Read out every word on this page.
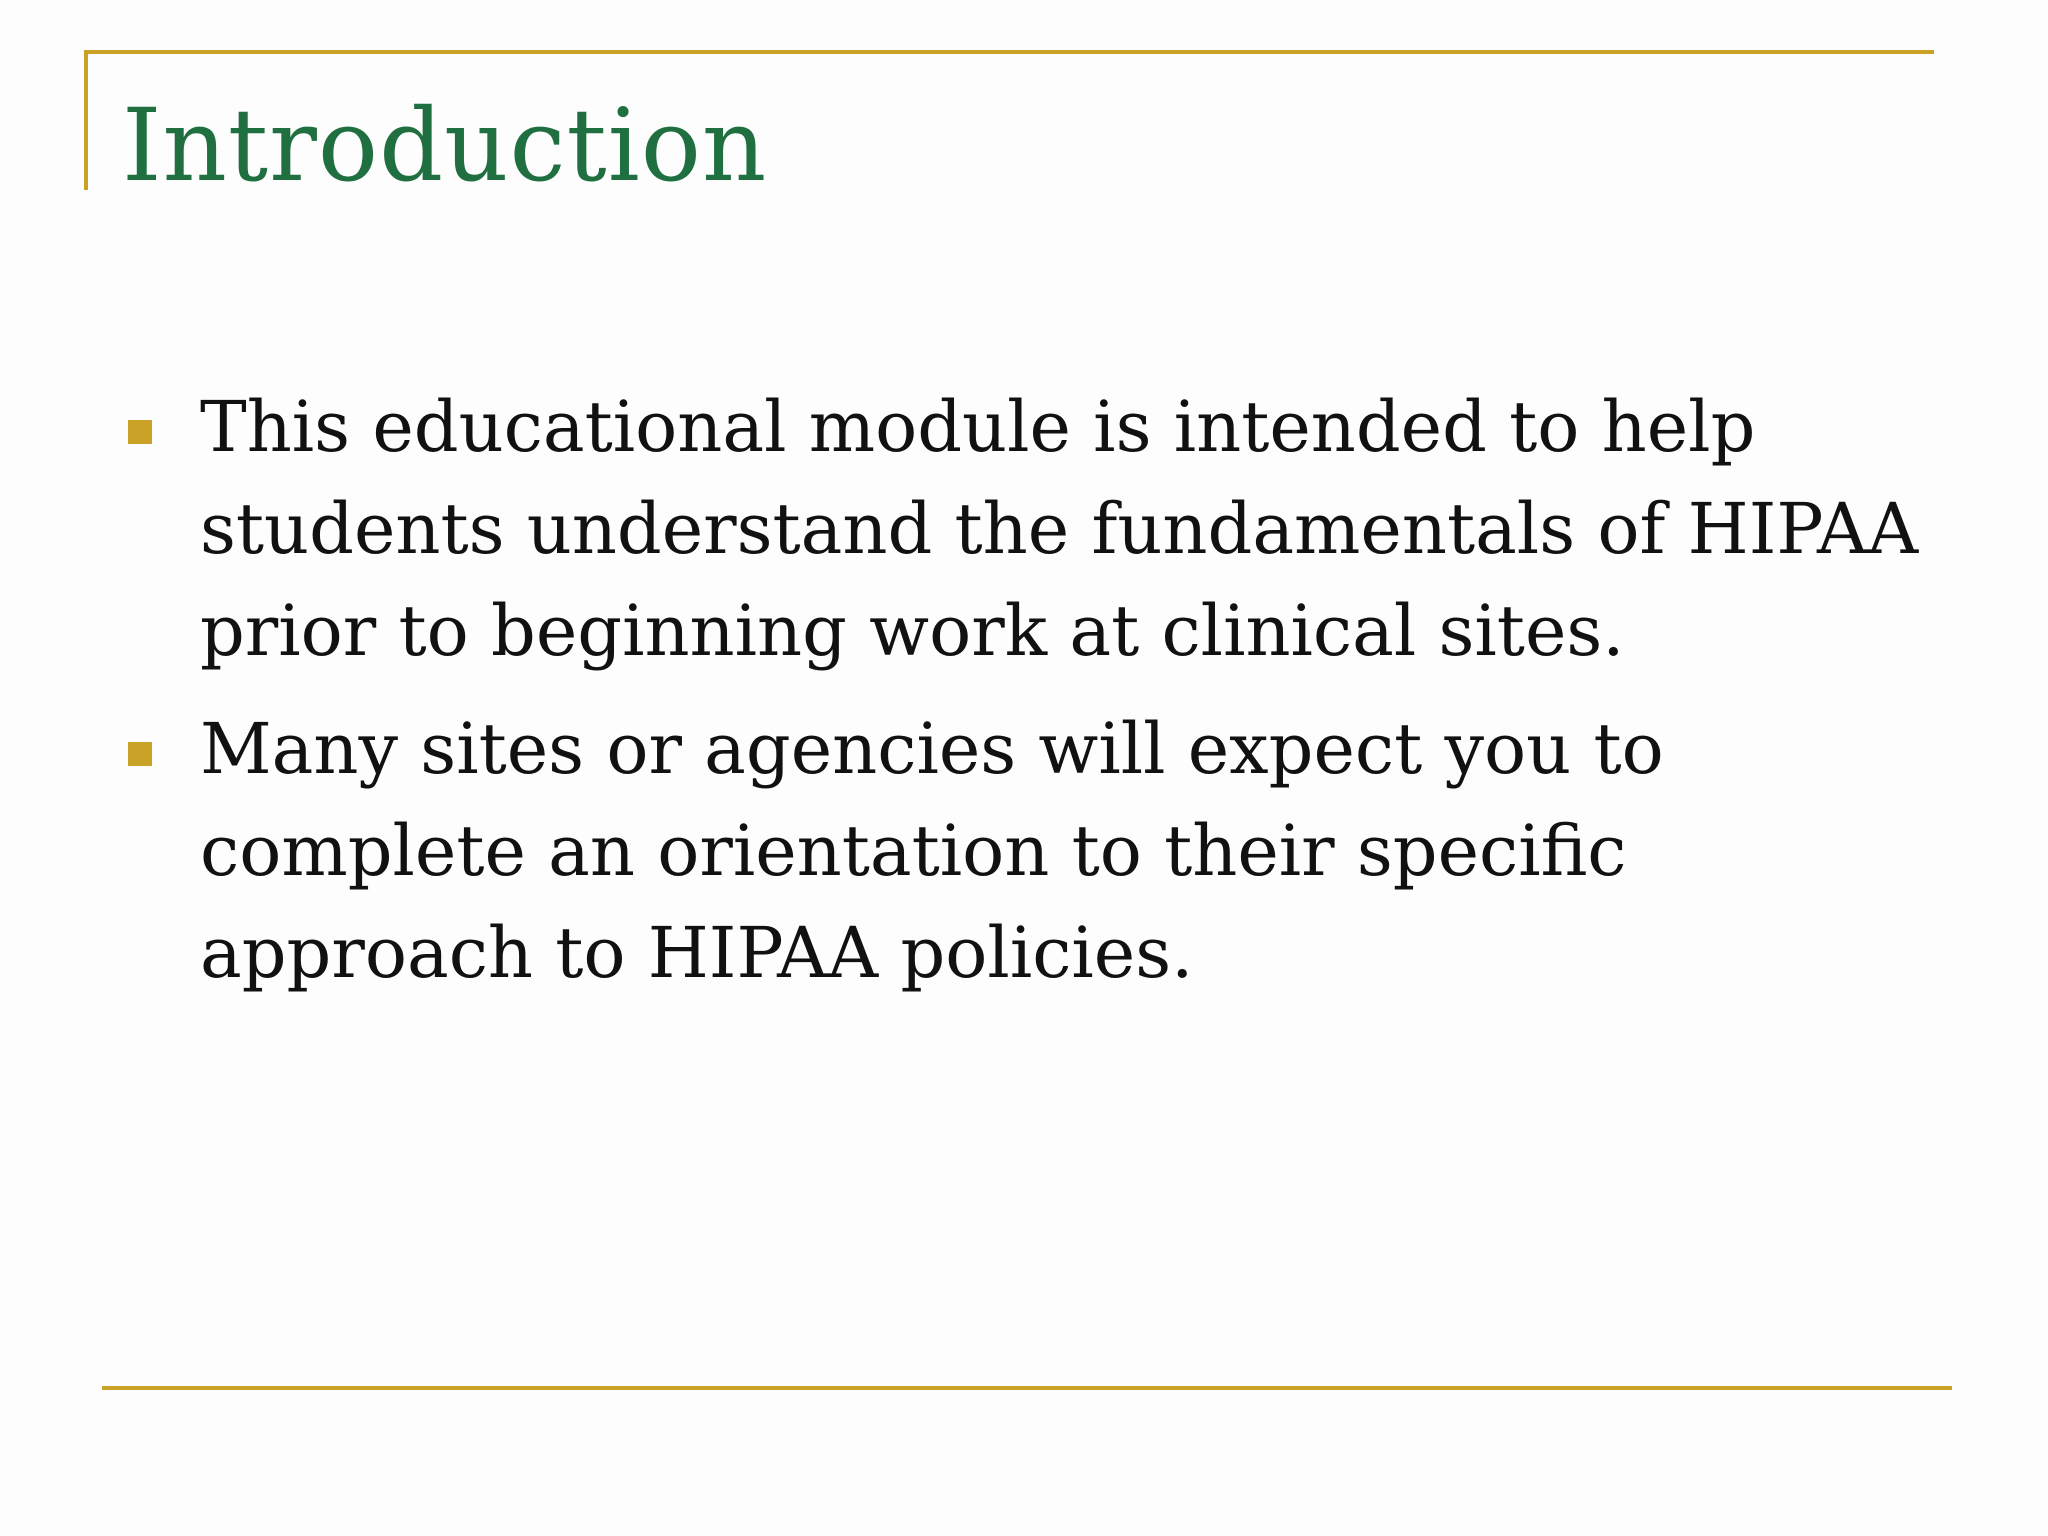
Introduction
This educational module is intended to help students understand the fundamentals of HIPAA prior to beginning work at clinical sites.
Many sites or agencies will expect you to complete an orientation to their specific approach to HIPAA policies.
